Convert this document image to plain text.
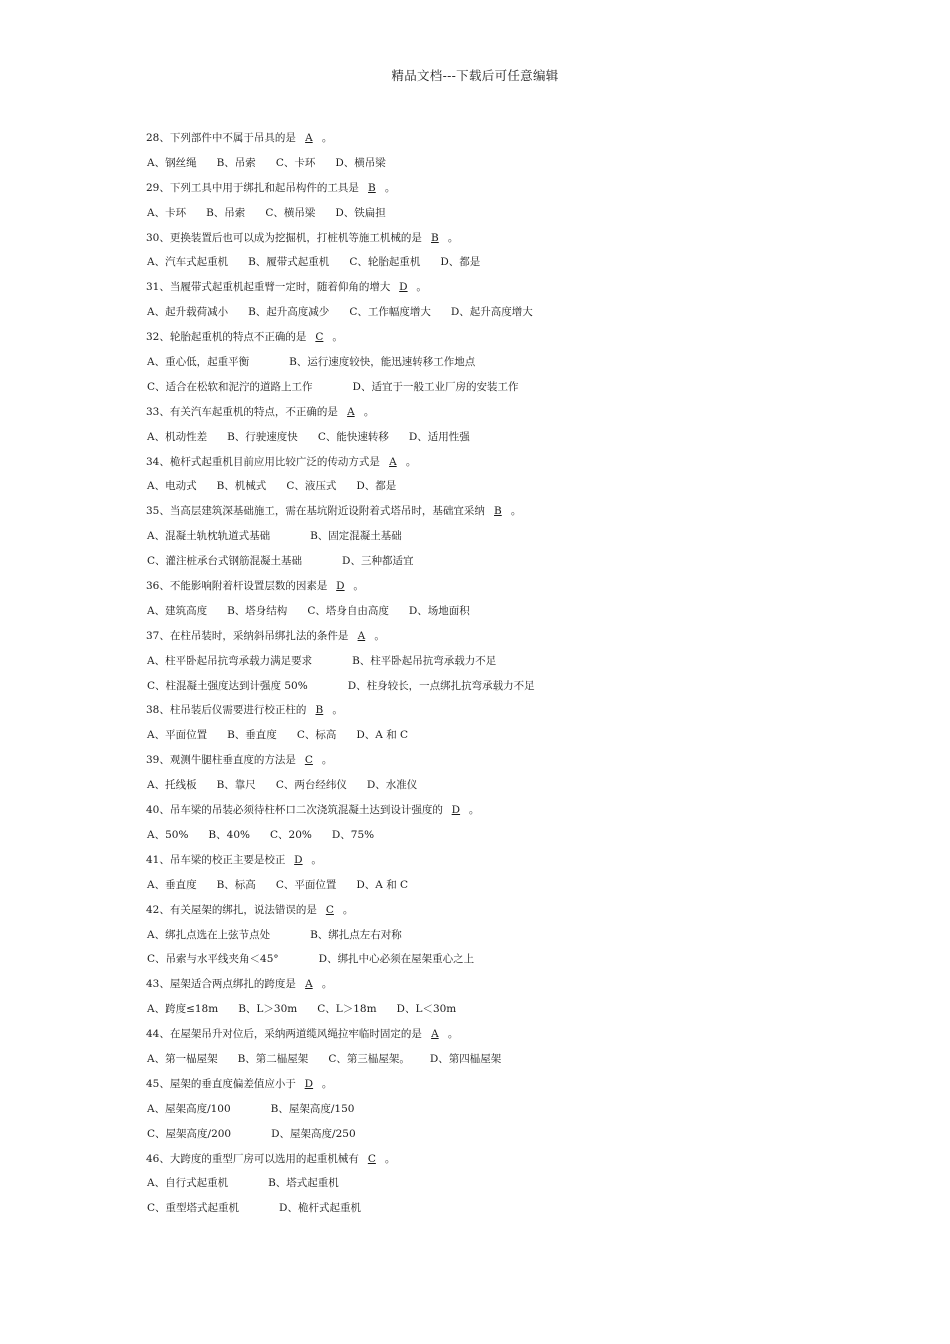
精品文档---下载后可任意编辑
28、下列部件中不属于吊具的是 A 。
A、钢丝绳 B、吊索 C、卡环 D、横吊梁
29、下列工具中用于绑扎和起吊构件的工具是 B 。
A、卡环 B、吊索 C、横吊梁 D、铁扁担
30、更换装置后也可以成为挖掘机，打桩机等施工机械的是 B 。
A、汽车式起重机 B、履带式起重机 C、轮胎起重机 D、都是
31、当履带式起重机起重臂一定时，随着仰角的增大 D 。
A、起升载荷减小 B、起升高度减少 C、工作幅度增大 D、起升高度增大
32、轮胎起重机的特点不正确的是 C 。
A、重心低，起重平衡	B、运行速度较快，能迅速转移工作地点
C、适合在松软和泥泞的道路上工作	D、适宜于一般工业厂房的安装工作
33、有关汽车起重机的特点，不正确的是 A 。
A、机动性差 B、行驶速度快 C、能快速转移 D、适用性强
34、桅杆式起重机目前应用比较广泛的传动方式是 A 。
A、电动式 B、机械式 C、液压式 D、都是
35、当高层建筑深基础施工，需在基坑附近设附着式塔吊时，基础宜采纳 B 。
A、混凝土轨枕轨道式基础	B、固定混凝土基础
C、灌注桩承台式钢筋混凝土基础	D、三种都适宜
36、不能影响附着杆设置层数的因素是 D 。
A、建筑高度 B、塔身结构 C、塔身自由高度 D、场地面积
37、在柱吊装时，采纳斜吊绑扎法的条件是 A 。
A、柱平卧起吊抗弯承载力满足要求	B、柱平卧起吊抗弯承载力不足
C、柱混凝土强度达到计强度 50%	D、柱身较长，一点绑扎抗弯承载力不足
38、柱吊装后仪需要进行校正柱的 B 。
A、平面位置 B、垂直度 C、标高 D、A 和 C
39、观测牛腿柱垂直度的方法是 C 。
A、托线板 B、靠尺 C、两台经纬仪 D、水准仪
40、吊车梁的吊装必须待柱杯口二次浇筑混凝土达到设计强度的 D 。
A、50% B、40% C、20% D、75%
41、吊车梁的校正主要是校正 D 。
A、垂直度 B、标高 C、平面位置 D、A 和 C
42、有关屋架的绑扎，说法错误的是 C 。
A、绑扎点选在上弦节点处	B、绑扎点左右对称
C、吊索与水平线夹角＜45°	D、绑扎中心必须在屋架重心之上
43、屋架适合两点绑扎的跨度是 A 。
A、跨度≤18m B、L＞30m C、L＞18m D、L＜30m
44、在屋架吊升对位后，采纳两道缆风绳拉牢临时固定的是 A 。
A、第一榀屋架 B、第二榀屋架 C、第三榀屋架。 D、第四榀屋架
45、屋架的垂直度偏差值应小于 D 。
A、屋架高度/100	B、屋架高度/150
C、屋架高度/200	D、屋架高度/250
46、大跨度的重型厂房可以选用的起重机械有 C 。
A、自行式起重机	B、塔式起重机
C、重型塔式起重机	D、桅杆式起重机
